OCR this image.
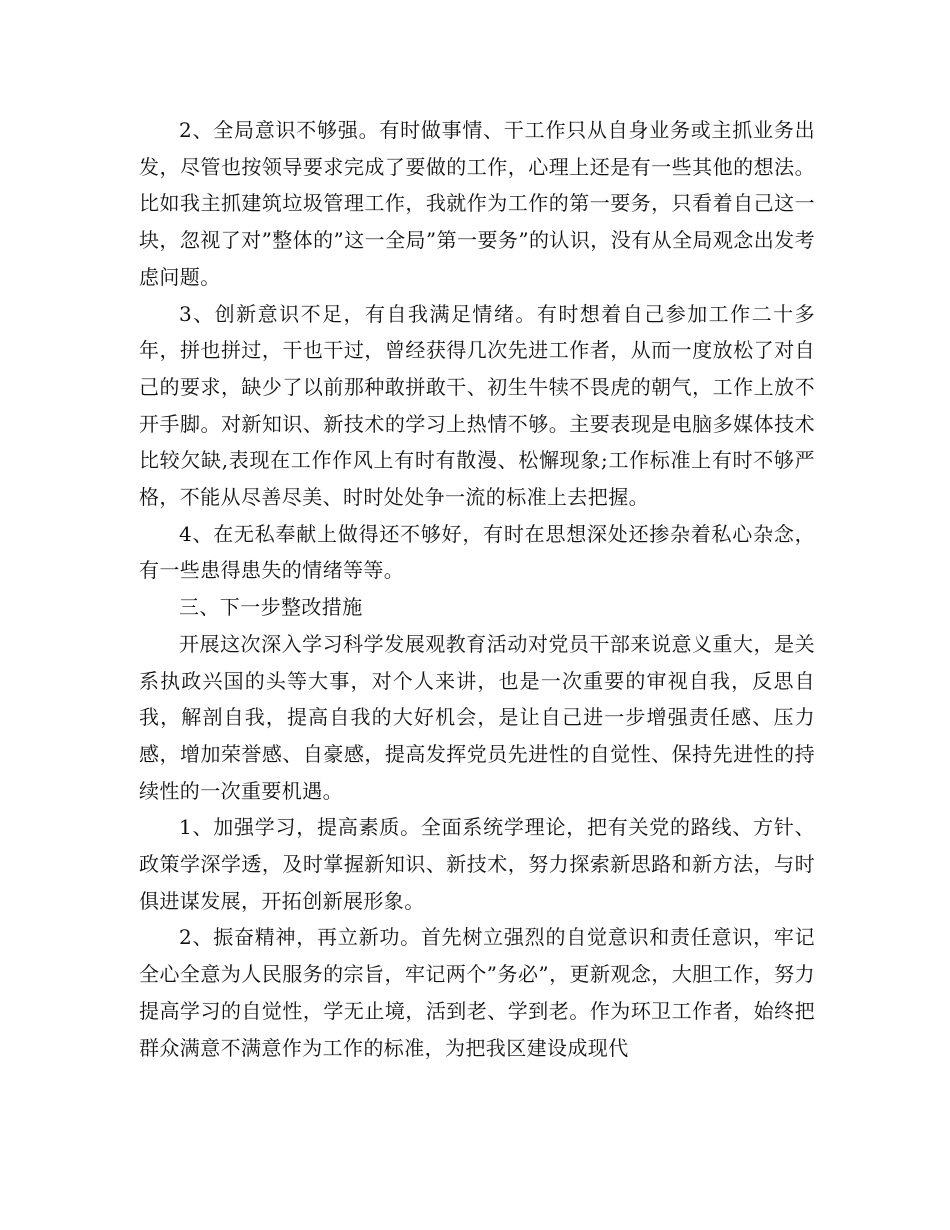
2、全局意识不够强。有时做事情、干工作只从自身业务或主抓业务出发，尽管也按领导要求完成了要做的工作，心理上还是有一些其他的想法。比如我主抓建筑垃圾管理工作，我就作为工作的第一要务，只看着自己这一块，忽视了对”整体的”这一全局”第一要务”的认识，没有从全局观念出发考虑问题。

3、创新意识不足，有自我满足情绪。有时想着自己参加工作二十多年，拼也拼过，干也干过，曾经获得几次先进工作者，从而一度放松了对自己的要求，缺少了以前那种敢拼敢干、初生牛犊不畏虎的朝气，工作上放不开手脚。对新知识、新技术的学习上热情不够。主要表现是电脑多媒体技术比较欠缺,表现在工作作风上有时有散漫、松懈现象;工作标准上有时不够严格，不能从尽善尽美、时时处处争一流的标准上去把握。

4、在无私奉献上做得还不够好，有时在思想深处还掺杂着私心杂念，有一些患得患失的情绪等等。

三、下一步整改措施

开展这次深入学习科学发展观教育活动对党员干部来说意义重大，是关系执政兴国的头等大事，对个人来讲，也是一次重要的审视自我，反思自我，解剖自我，提高自我的大好机会，是让自己进一步增强责任感、压力感，增加荣誉感、自豪感，提高发挥党员先进性的自觉性、保持先进性的持续性的一次重要机遇。

1、加强学习，提高素质。全面系统学理论，把有关党的路线、方针、政策学深学透，及时掌握新知识、新技术，努力探索新思路和新方法，与时俱进谋发展，开拓创新展形象。

2、振奋精神，再立新功。首先树立强烈的自觉意识和责任意识，牢记全心全意为人民服务的宗旨，牢记两个”务必”，更新观念，大胆工作，努力提高学习的自觉性，学无止境，活到老、学到老。作为环卫工作者，始终把群众满意不满意作为工作的标准，为把我区建设成现代
